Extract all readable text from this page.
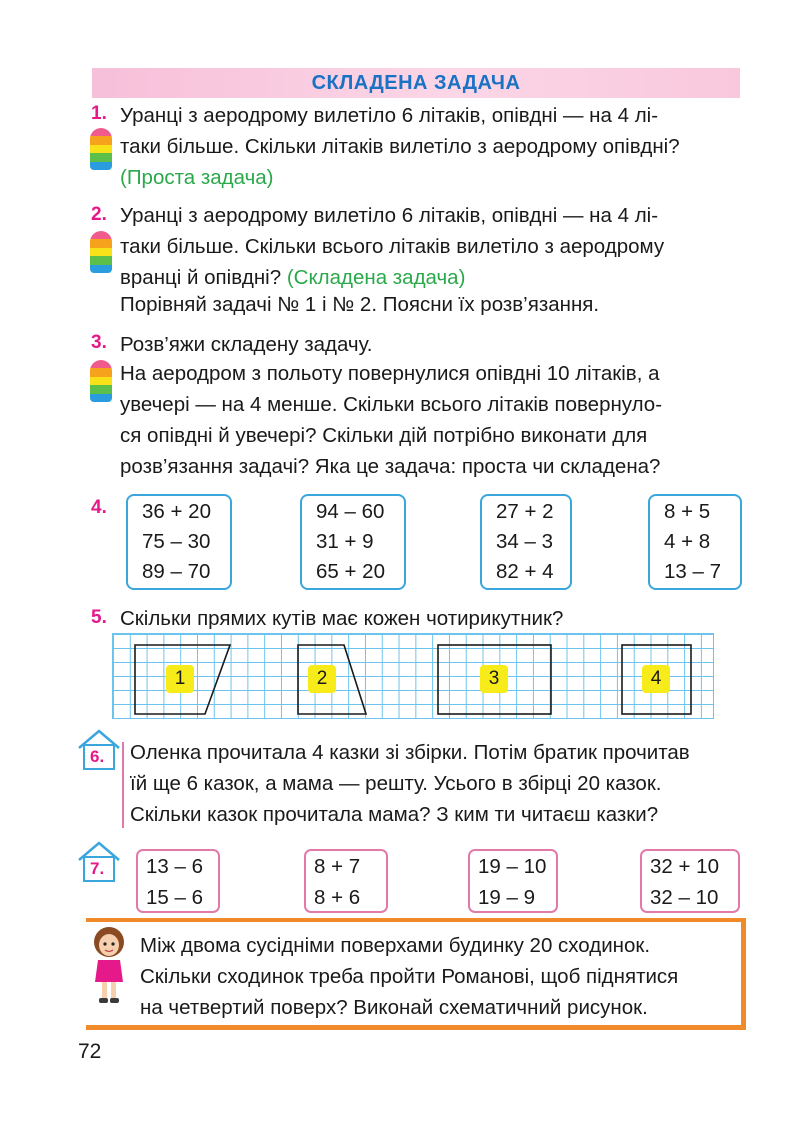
СКЛАДЕНА ЗАДАЧА
1. Уранці з аеродрому вилетіло 6 літаків, опівдні — на 4 лі-
таки більше. Скільки літаків вилетіло з аеродрому опівдні?
(Проста задача)
2. Уранці з аеродрому вилетіло 6 літаків, опівдні — на 4 лі-
таки більше. Скільки всього літаків вилетіло з аеродрому
вранці й опівдні? (Складена задача)
Порівняй задачі № 1 і № 2. Поясни їх розв’язання.
3. Розв’яжи складену задачу.
На аеродром з польоту повернулися опівдні 10 літаків, а
увечері — на 4 менше. Скільки всього літаків повернуло-
ся опівдні й увечері? Скільки дій потрібно виконати для
розв’язання задачі? Яка це задача: проста чи складена?
4. 36 + 20
75 – 30
89 – 70
94 – 60
31 + 9
65 + 20
27 + 2
34 – 3
82 + 4
8 + 5
4 + 8
13 – 7
5. Скільки прямих кутів має кожен чотирикутник?
1	2	3	4
6. Оленка прочитала 4 казки зі збірки. Потім братик прочитав
їй ще 6 казок, а мама — решту. Усього в збірці 20 казок.
Скільки казок прочитала мама? З ким ти читаєш казки?
7. 13 – 6
15 – 6
8 + 7
8 + 6
19 – 10
19 – 9
32 + 10
32 – 10
Між двома сусідніми поверхами будинку 20 сходинок.
Скільки сходинок треба пройти Романові, щоб піднятися
на четвертий поверх? Виконай схематичний рисунок.
72
